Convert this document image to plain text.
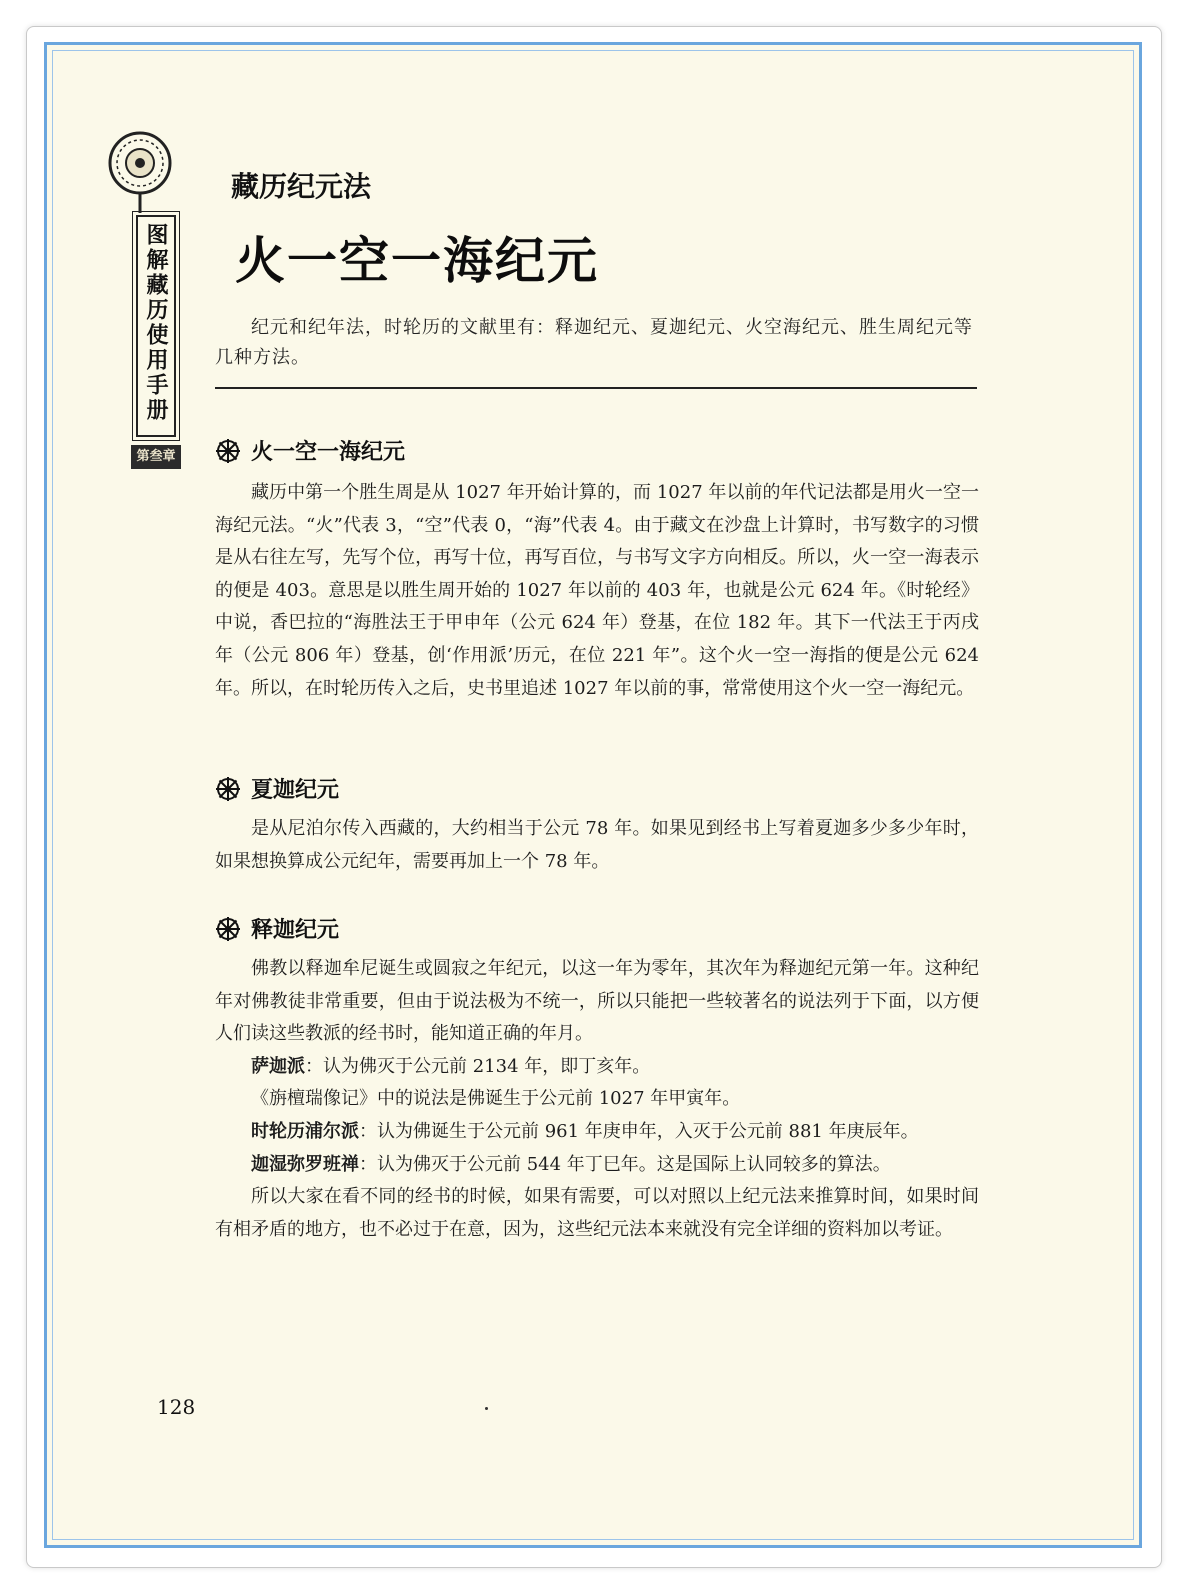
图解藏历使用手册
第叁章
藏历纪元法
火一空一海纪元
纪元和纪年法，时轮历的文献里有：释迦纪元、夏迦纪元、火空海纪元、胜生周纪元等几种方法。
火一空一海纪元

藏历中第一个胜生周是从 1027 年开始计算的，而 1027 年以前的年代记法都是用火一空一海纪元法。“火”代表 3，“空”代表 0，“海”代表 4。由于藏文在沙盘上计算时，书写数字的习惯是从右往左写，先写个位，再写十位，再写百位，与书写文字方向相反。所以，火一空一海表示的便是 403。意思是以胜生周开始的 1027 年以前的 403 年，也就是公元 624 年。《时轮经》中说，香巴拉的“海胜法王于甲申年（公元 624 年）登基，在位 182 年。其下一代法王于丙戌年（公元 806 年）登基，创‘作用派’历元，在位 221 年”。这个火一空一海指的便是公元 624 年。所以，在时轮历传入之后，史书里追述 1027 年以前的事，常常使用这个火一空一海纪元。

夏迦纪元

是从尼泊尔传入西藏的，大约相当于公元 78 年。如果见到经书上写着夏迦多少多少年时，如果想换算成公元纪年，需要再加上一个 78 年。

释迦纪元

佛教以释迦牟尼诞生或圆寂之年纪元，以这一年为零年，其次年为释迦纪元第一年。这种纪年对佛教徒非常重要，但由于说法极为不统一，所以只能把一些较著名的说法列于下面，以方便人们读这些教派的经书时，能知道正确的年月。

萨迦派：认为佛灭于公元前 2134 年，即丁亥年。

《旃檀瑞像记》中的说法是佛诞生于公元前 1027 年甲寅年。

时轮历浦尔派：认为佛诞生于公元前 961 年庚申年，入灭于公元前 881 年庚辰年。

迦湿弥罗班禅：认为佛灭于公元前 544 年丁巳年。这是国际上认同较多的算法。

所以大家在看不同的经书的时候，如果有需要，可以对照以上纪元法来推算时间，如果时间有相矛盾的地方，也不必过于在意，因为，这些纪元法本来就没有完全详细的资料加以考证。

128
